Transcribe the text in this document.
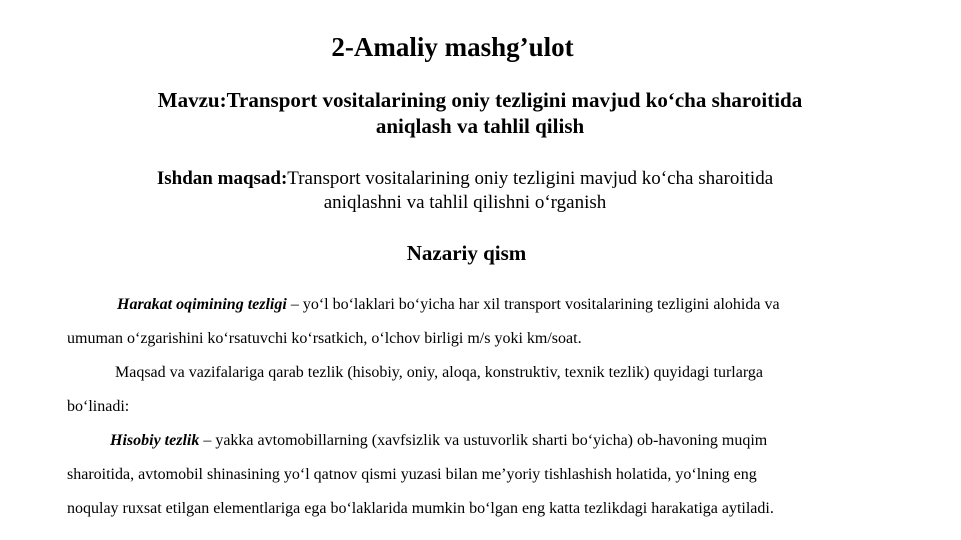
2-Amaliy mashg’ulot
Mavzu:Transport vositalarining oniy tezligini mavjud ko‘cha sharoitida
aniqlash va tahlil qilish
Ishdan maqsad:Transport vositalarining oniy tezligini mavjud ko‘cha sharoitida
aniqlashni va tahlil qilishni o‘rganish
Nazariy qism
Harakat oqimining tezligi – yo‘l bo‘laklari bo‘yicha har xil transport vositalarining tezligini alohida va
umuman o‘zgarishini ko‘rsatuvchi ko‘rsatkich, o‘lchov birligi m/s yoki km/soat.
Maqsad va vazifalariga qarab tezlik (hisobiy, oniy, aloqa, konstruktiv, texnik tezlik) quyidagi turlarga
bo‘linadi:
Hisobiy tezlik – yakka avtomobillarning (xavfsizlik va ustuvorlik sharti bo‘yicha) ob-havoning muqim
sharoitida, avtomobil shinasining yo‘l qatnov qismi yuzasi bilan me’yoriy tishlashish holatida, yo‘lning eng
noqulay ruxsat etilgan elementlariga ega bo‘laklarida mumkin bo‘lgan eng katta tezlikdagi harakatiga aytiladi.
